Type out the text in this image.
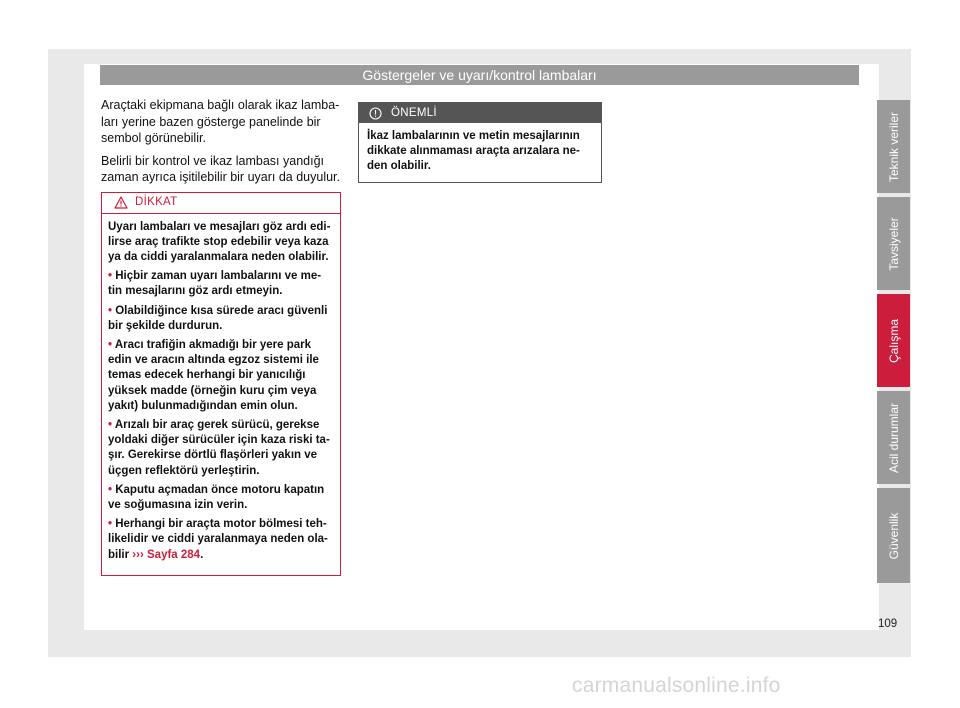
Göstergeler ve uyarı/kontrol lambaları

Araçtaki ekipmana bağlı olarak ikaz lamba-ları yerine bazen gösterge panelinde bir sembol görünebilir.

Belirli bir kontrol ve ikaz lambası yandığı zaman ayrıca işitilebilir bir uyarı da duyulur.

DİKKAT
Uyarı lambaları ve mesajları göz ardı edi-lirse araç trafikte stop edebilir veya kaza ya da ciddi yaralanmalara neden olabilir.
• Hiçbir zaman uyarı lambalarını ve me-tin mesajlarını göz ardı etmeyin.
• Olabildiğince kısa sürede aracı güvenli bir şekilde durdurun.
• Aracı trafiğin akmadığı bir yere park edin ve aracın altında egzoz sistemi ile temas edecek herhangi bir yanıcılığı yüksek madde (örneğin kuru çim veya yakıt) bulunmadığından emin olun.
• Arızalı bir araç gerek sürücü, gerekse yoldaki diğer sürücüler için kaza riski ta-şır. Gerekirse dörtlü flaşörleri yakın ve üçgen reflektörü yerleştirin.
• Kaputu açmadan önce motoru kapatın ve soğumasına izin verin.
• Herhangi bir araçta motor bölmesi teh-likelidir ve ciddi yaralanmaya neden ola-bilir ››› Sayfa 284.
ÖNEMLİ
İkaz lambalarının ve metin mesajlarının dikkate alınmaması araçta arızalara ne-den olabilir.	Teknik veriler
Tavsiyeler
Çalışma
Acil durumlar
Güvenlik
109
carmanualsonline.info
